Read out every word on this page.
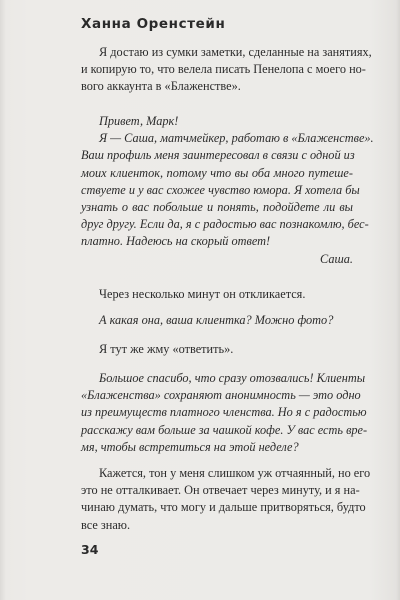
Ханна Оренстейн
Я достаю из сумки заметки, сделанные на занятиях,
и копирую то, что велела писать Пенелопа с моего но-
вого аккаунта в «Блаженстве».
Привет, Марк!
Я — Саша, матчмейкер, работаю в «Блаженстве».
Ваш профиль меня заинтересовал в связи с одной из
моих клиенток, потому что вы оба много путеше-
ствуете и у вас схожее чувство юмора. Я хотела бы
узнать о вас побольше и понять, подойдете ли вы
друг другу. Если да, я с радостью вас познакомлю, бес-
платно. Надеюсь на скорый ответ!
Саша.
Через несколько минут он откликается.
А какая она, ваша клиентка? Можно фото?
Я тут же жму «ответить».
Большое спасибо, что сразу отозвались! Клиенты
«Блаженства» сохраняют анонимность — это одно
из преимуществ платного членства. Но я с радостью
расскажу вам больше за чашкой кофе. У вас есть вре-
мя, чтобы встретиться на этой неделе?
Кажется, тон у меня слишком уж отчаянный, но его
это не отталкивает. Он отвечает через минуту, и я на-
чинаю думать, что могу и дальше притворяться, будто
все знаю.
34
